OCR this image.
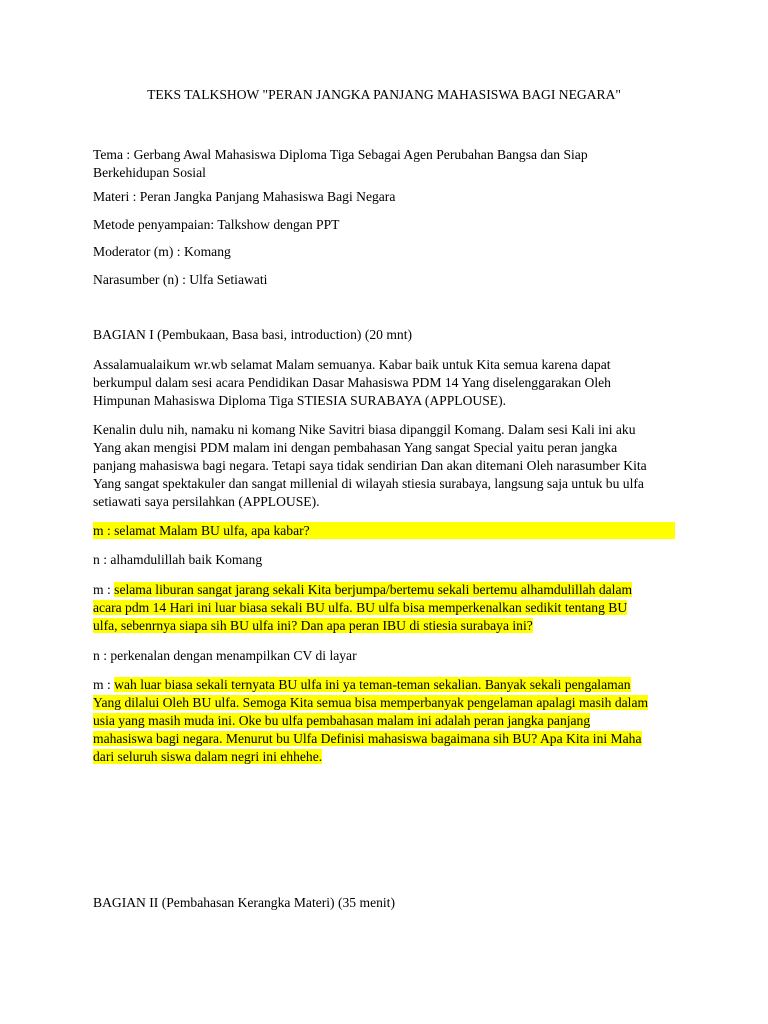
TEKS TALKSHOW "PERAN JANGKA PANJANG MAHASISWA BAGI NEGARA"

Tema : Gerbang Awal Mahasiswa Diploma Tiga Sebagai Agen Perubahan Bangsa dan Siap
Berkehidupan Sosial

Materi : Peran Jangka Panjang Mahasiswa Bagi Negara

Metode penyampaian: Talkshow dengan PPT

Moderator (m) : Komang

Narasumber (n) : Ulfa Setiawati

BAGIAN I (Pembukaan, Basa basi, introduction) (20 mnt)

Assalamualaikum wr.wb selamat Malam semuanya. Kabar baik untuk Kita semua karena dapat
berkumpul dalam sesi acara Pendidikan Dasar Mahasiswa PDM 14 Yang diselenggarakan Oleh
Himpunan Mahasiswa Diploma Tiga STIESIA SURABAYA (APPLOUSE).

Kenalin dulu nih, namaku ni komang Nike Savitri biasa dipanggil Komang. Dalam sesi Kali ini aku
Yang akan mengisi PDM malam ini dengan pembahasan Yang sangat Special yaitu peran jangka
panjang mahasiswa bagi negara. Tetapi saya tidak sendirian Dan akan ditemani Oleh narasumber Kita
Yang sangat spektakuler dan sangat millenial di wilayah stiesia surabaya, langsung saja untuk bu ulfa
setiawati saya persilahkan (APPLOUSE).

m : selamat Malam BU ulfa, apa kabar?

n : alhamdulillah baik Komang

m : selama liburan sangat jarang sekali Kita berjumpa/bertemu sekali bertemu alhamdulillah dalam
acara pdm 14 Hari ini luar biasa sekali BU ulfa. BU ulfa bisa memperkenalkan sedikit tentang BU
ulfa, sebenrnya siapa sih BU ulfa ini? Dan apa peran IBU di stiesia surabaya ini?

n : perkenalan dengan menampilkan CV di layar

m : wah luar biasa sekali ternyata BU ulfa ini ya teman-teman sekalian. Banyak sekali pengalaman
Yang dilalui Oleh BU ulfa. Semoga Kita semua bisa memperbanyak pengelaman apalagi masih dalam
usia yang masih muda ini. Oke bu ulfa pembahasan malam ini adalah peran jangka panjang
mahasiswa bagi negara. Menurut bu Ulfa Definisi mahasiswa bagaimana sih BU? Apa Kita ini Maha
dari seluruh siswa dalam negri ini ehhehe.

BAGIAN II (Pembahasan Kerangka Materi) (35 menit)
